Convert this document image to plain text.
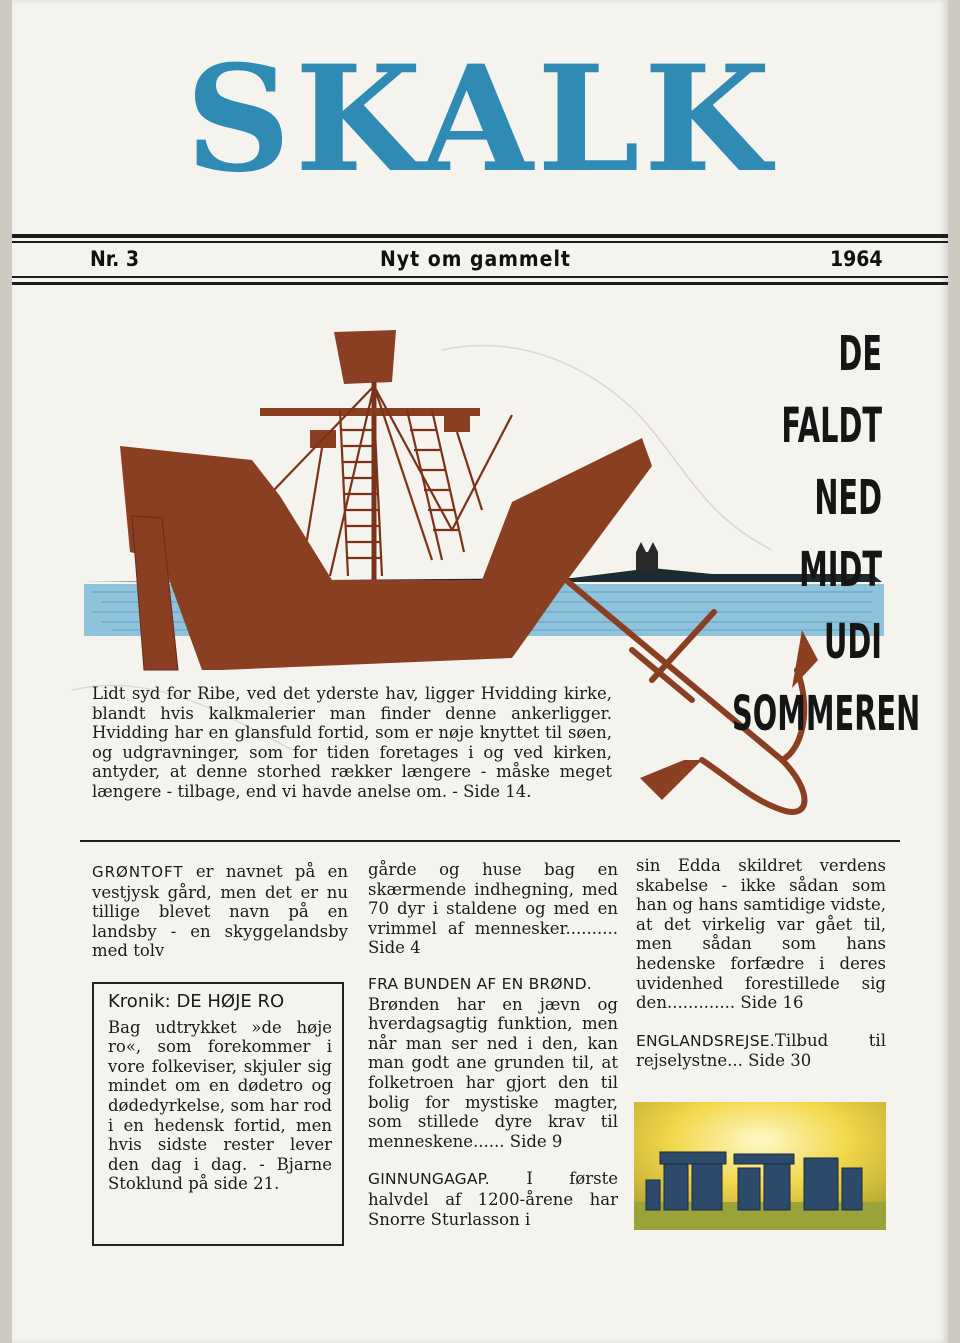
SKALK
Nr. 3	Nyt om gammelt	1964
DE FALDT NED
MIDT UDI
SOMMEREN
Lidt syd for Ribe, ved det yderste hav, ligger Hvidding kirke, blandt hvis kalkmalerier man finder denne ankerligger. Hvidding har en glansfuld fortid, som er nøje knyttet til søen, og udgravninger, som for tiden foretages i og ved kirken, antyder, at denne storhed rækker længere - måske meget længere - tilbage, end vi havde anelse om. - Side 14.

GRØNTOFT er navnet på en vestjysk gård, men det er nu tillige blevet navn på en landsby - en skyggelandsby med tolv

Kronik: DE HØJE RO

Bag udtrykket »de høje ro«, som forekommer i vore folkeviser, skjuler sig mindet om en dødetro og dødedyrkelse, som har rod i en hedensk fortid, men hvis sidste rester lever den dag i dag. - Bjarne Stoklund på side 21.

gårde og huse bag en skærmende indhegning, med 70 dyr i staldene og med en vrimmel af mennesker.......... Side 4

FRA BUNDEN AF EN BRØND.

Brønden har en jævn og hverdagsagtig funktion, men når man ser ned i den, kan man godt ane grunden til, at folketroen har gjort den til bolig for mystiske magter, som stillede dyre krav til menneskene...... Side 9

GINNUNGAGAP. I første halvdel af 1200-årene har Snorre Sturlasson i

sin Edda skildret verdens skabelse - ikke sådan som han og hans samtidige vidste, at det virkelig var gået til, men sådan som hans hedenske forfædre i deres uvidenhed forestillede sig den............. Side 16

ENGLANDSREJSE.Tilbud til rejselystne... Side 30
